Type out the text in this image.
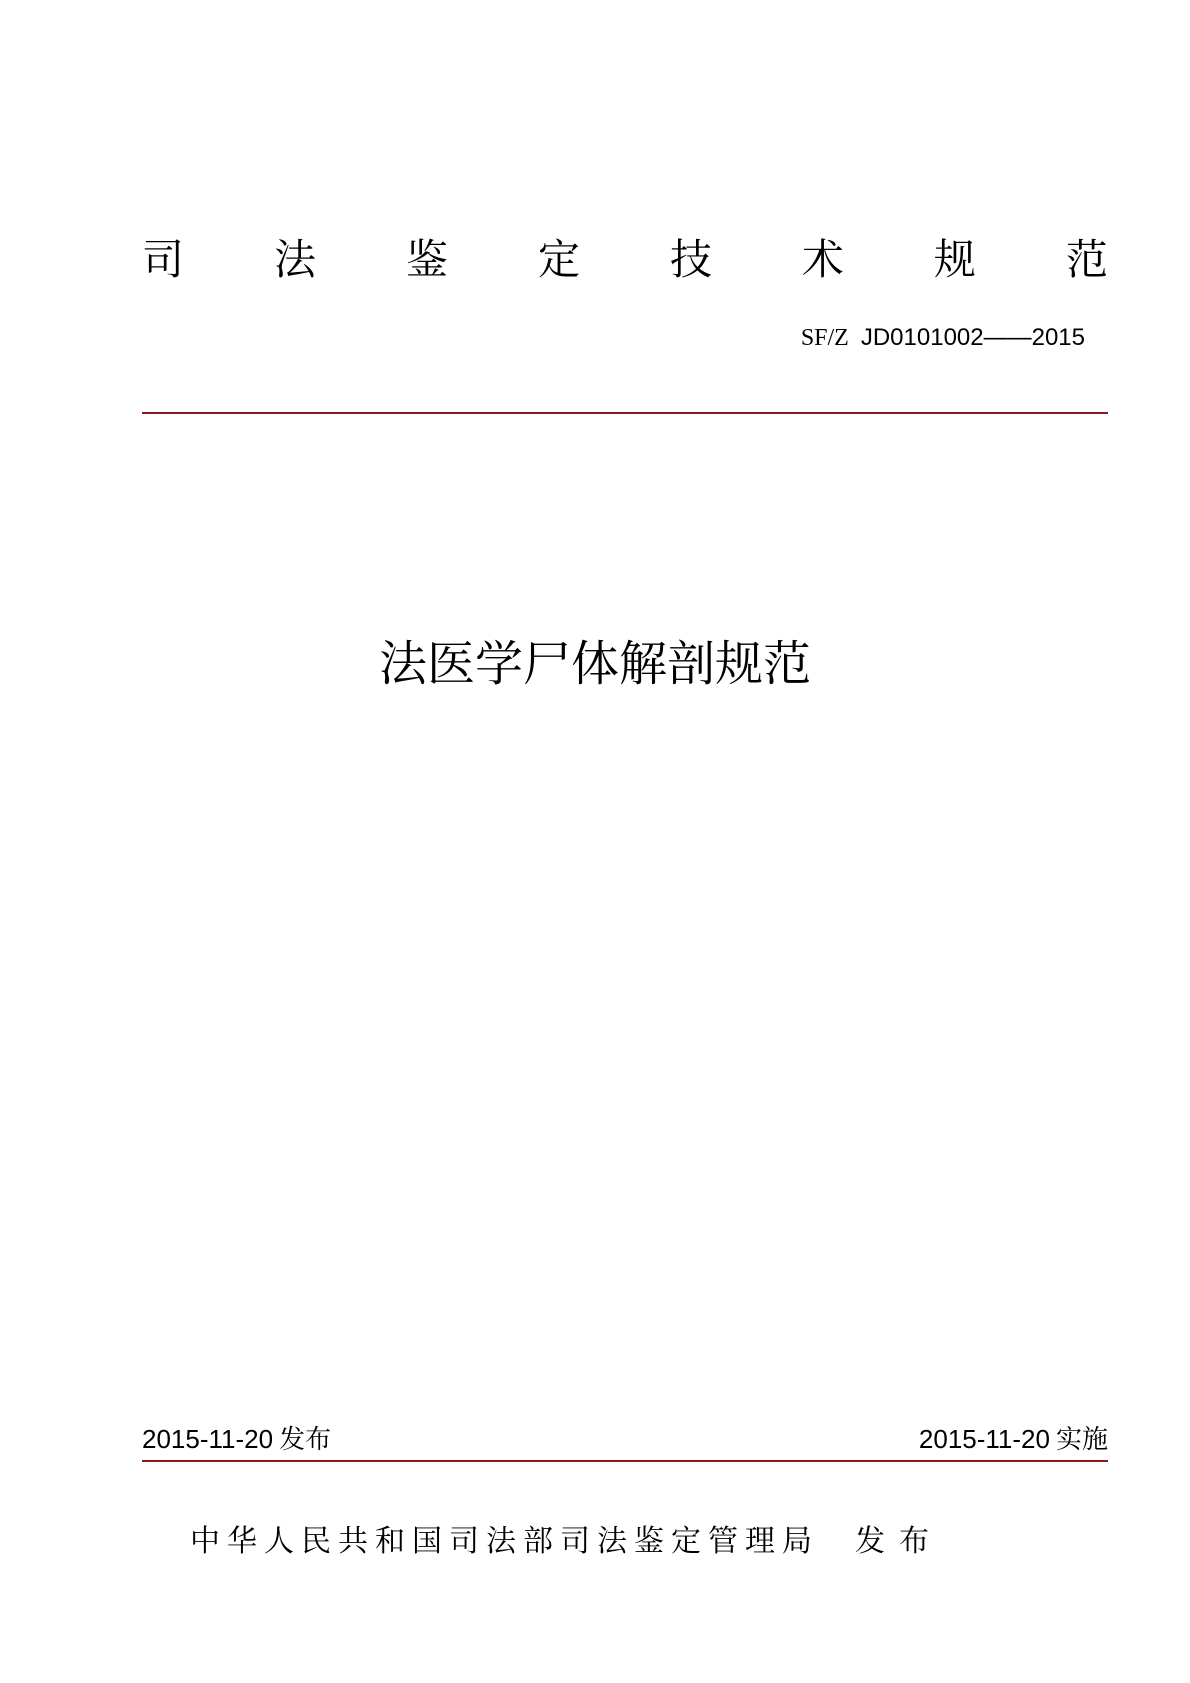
司 法 鉴 定 技 术 规 范
SF/Z JD0101002——2015
法医学尸体解剖规范
2015-11-20 发布	2015-11-20 实施
中华人民共和国司法部司法鉴定管理局 发布
